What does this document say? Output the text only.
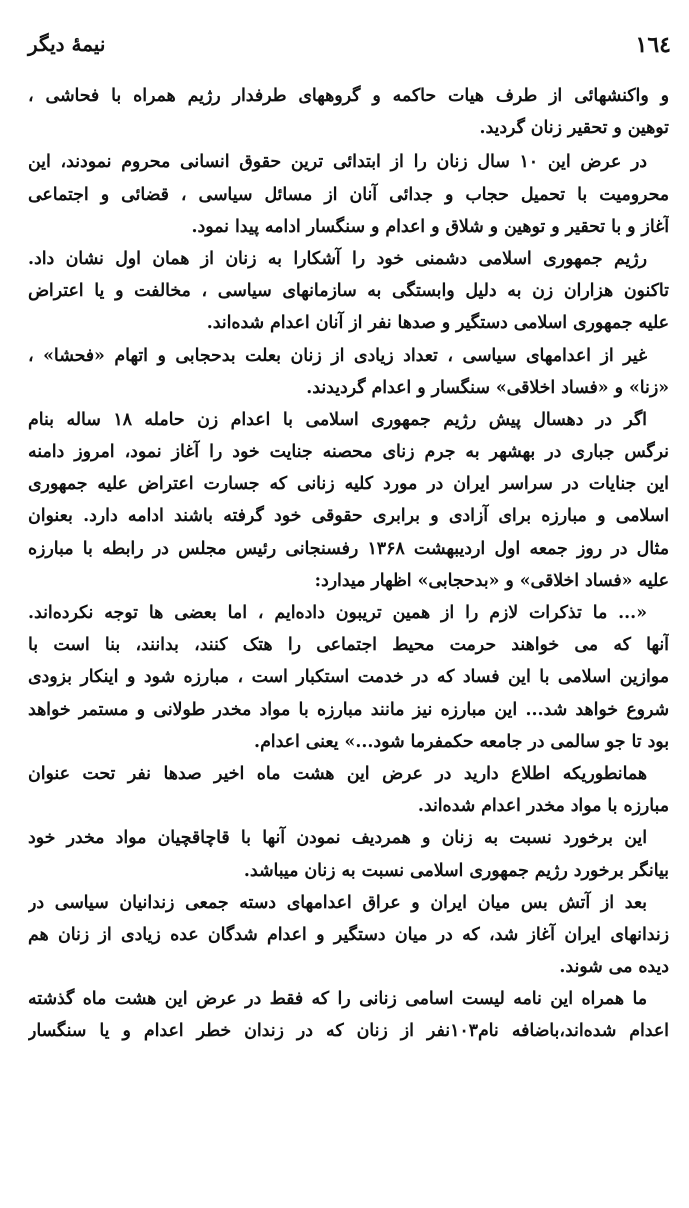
١٦٤
نیمهٔ دیگر
و واکنشهائی از طرف هیات حاکمه و گروههای طرفدار رژیم همراه با فحاشی ،
توهین و تحقیر زنان گردید.
در عرض این ۱۰ سال زنان را از ابتدائی ترین حقوق انسانی محروم نمودند، این
محرومیت با تحمیل حجاب و جدائی آنان از مسائل سیاسی ، قضائی و اجتماعی
آغاز و با تحقیر و توهین و شلاق و اعدام و سنگسار ادامه پیدا نمود.
رژیم جمهوری اسلامی دشمنی خود را آشکارا به زنان از همان اول نشان داد.
تاکنون هزاران زن به دلیل وابستگی به سازمانهای سیاسی ، مخالفت و یا اعتراض
علیه جمهوری اسلامی دستگیر و صدها نفر از آنان اعدام شده‌اند.
غیر از اعدامهای سیاسی ، تعداد زیادی از زنان بعلت بدحجابی و اتهام «فحشا» ،
«زنا» و «فساد اخلاقی» سنگسار و اعدام گردیدند.
اگر در دهسال پیش رژیم جمهوری اسلامی با اعدام زن حامله ۱۸ ساله بنام
نرگس جباری در بهشهر به جرم زنای محصنه جنایت خود را آغاز نمود، امروز دامنه
این جنایات در سراسر ایران در مورد کلیه زنانی که جسارت اعتراض علیه جمهوری
اسلامی و مبارزه برای آزادی و برابری حقوقی خود گرفته باشند ادامه دارد. بعنوان
مثال در روز جمعه اول اردیبهشت ۱۳۶۸ رفسنجانی رئیس مجلس در رابطه با مبارزه
علیه «فساد اخلاقی» و «بدحجابی» اظهار میدارد:
«... ما تذکرات لازم را از همین تریبون داده‌ایم ، اما بعضی ها توجه نکرده‌اند.
آنها که می خواهند حرمت محیط اجتماعی را هتک کنند، بدانند، بنا است با
موازین اسلامی با این فساد که در خدمت استکبار است ، مبارزه شود و اینکار بزودی
شروع خواهد شد... این مبارزه نیز مانند مبارزه با مواد مخدر طولانی و مستمر خواهد
بود تا جو سالمی در جامعه حکمفرما شود...» یعنی اعدام.
همانطوریکه اطلاع دارید در عرض این هشت ماه اخیر صدها نفر تحت عنوان
مبارزه با مواد مخدر اعدام شده‌اند.
این برخورد نسبت به زنان و همردیف نمودن آنها با قاچاقچیان مواد مخدر خود
بیانگر برخورد رژیم جمهوری اسلامی نسبت به زنان میباشد.
بعد از آتش بس میان ایران و عراق اعدامهای دسته جمعی زندانیان سیاسی در
زندانهای ایران آغاز شد، که در میان دستگیر و اعدام شدگان عده زیادی از زنان هم
دیده می شوند.
ما همراه این نامه لیست اسامی زنانی را که فقط در عرض این هشت ماه گذشته
اعدام شده‌اند،باضافه نام۱۰۳نفر از زنان که در زندان خطر اعدام و یا سنگسار
